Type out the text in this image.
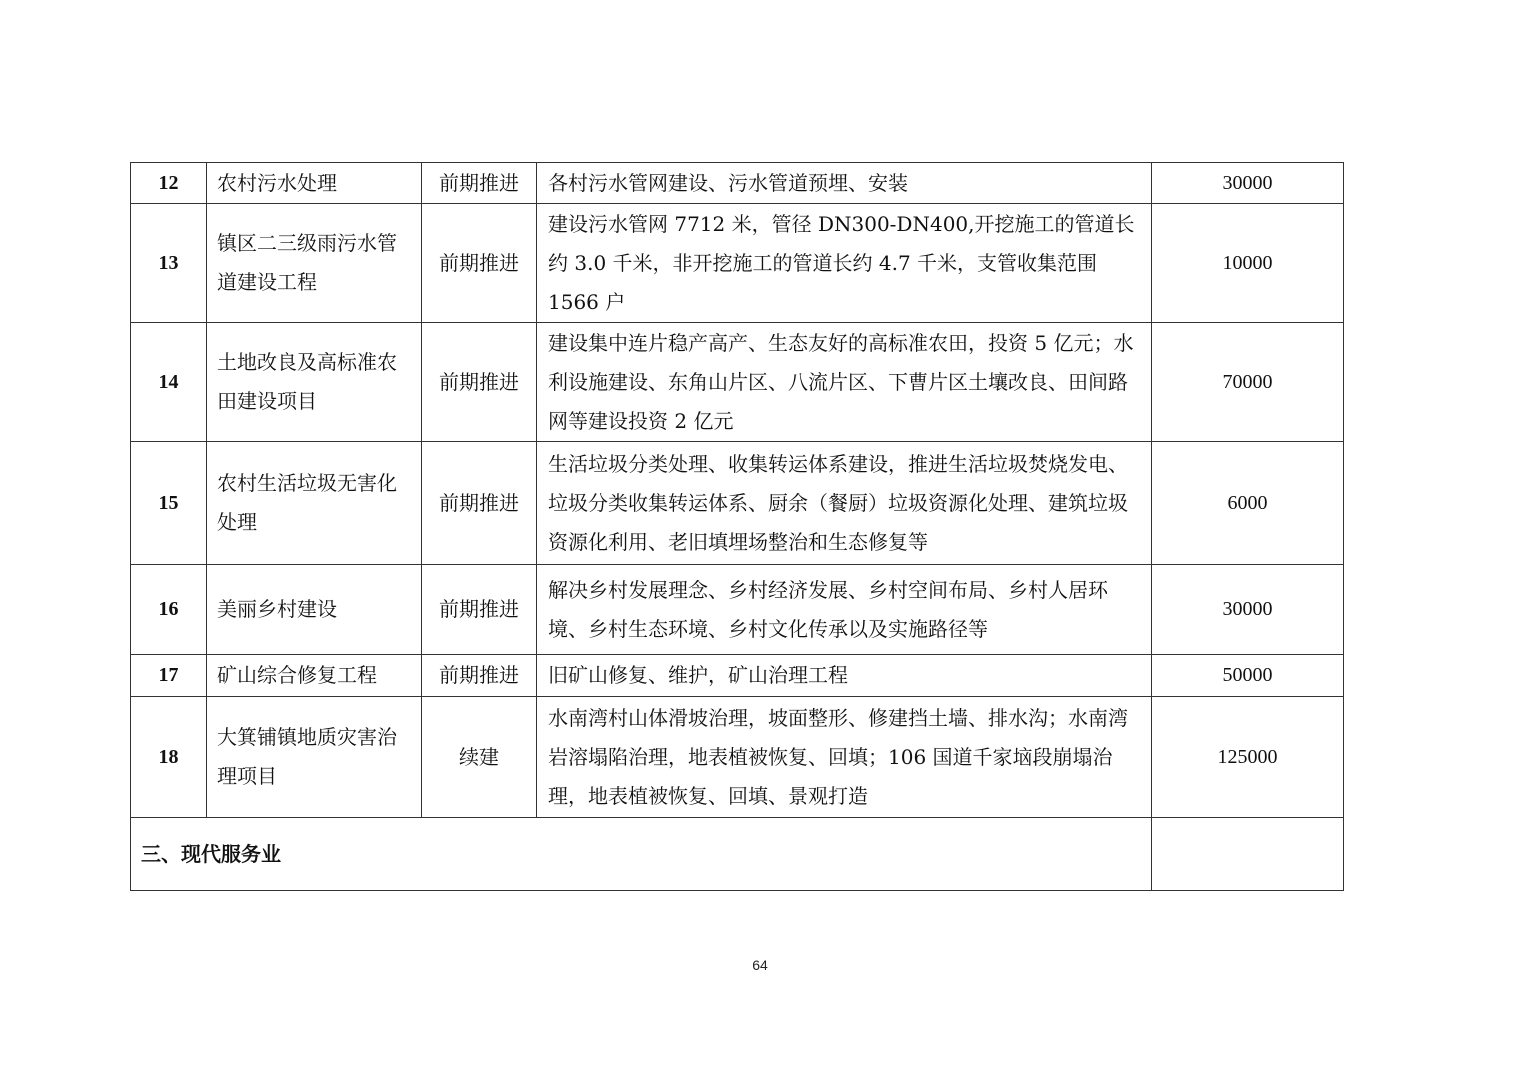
12	农村污水处理	前期推进	各村污水管网建设、污水管道预埋、安装	30000
13	镇区二三级雨污水管道建设工程	前期推进	建设污水管网 7712 米，管径 DN300-DN400,开挖施工的管道长约 3.0 千米，非开挖施工的管道长约 4.7 千米，支管收集范围 1566 户	10000
14	土地改良及高标准农田建设项目	前期推进	建设集中连片稳产高产、生态友好的高标准农田，投资 5 亿元；水利设施建设、东角山片区、八流片区、下曹片区土壤改良、田间路网等建设投资 2 亿元	70000
15	农村生活垃圾无害化处理	前期推进	生活垃圾分类处理、收集转运体系建设，推进生活垃圾焚烧发电、垃圾分类收集转运体系、厨余（餐厨）垃圾资源化处理、建筑垃圾资源化利用、老旧填埋场整治和生态修复等	6000
16	美丽乡村建设	前期推进	解决乡村发展理念、乡村经济发展、乡村空间布局、乡村人居环境、乡村生态环境、乡村文化传承以及实施路径等	30000
17	矿山综合修复工程	前期推进	旧矿山修复、维护，矿山治理工程	50000
18	大箕铺镇地质灾害治理项目	续建	水南湾村山体滑坡治理，坡面整形、修建挡土墙、排水沟；水南湾岩溶塌陷治理，地表植被恢复、回填；106 国道千家垴段崩塌治理，地表植被恢复、回填、景观打造	125000
三、现代服务业				
64
